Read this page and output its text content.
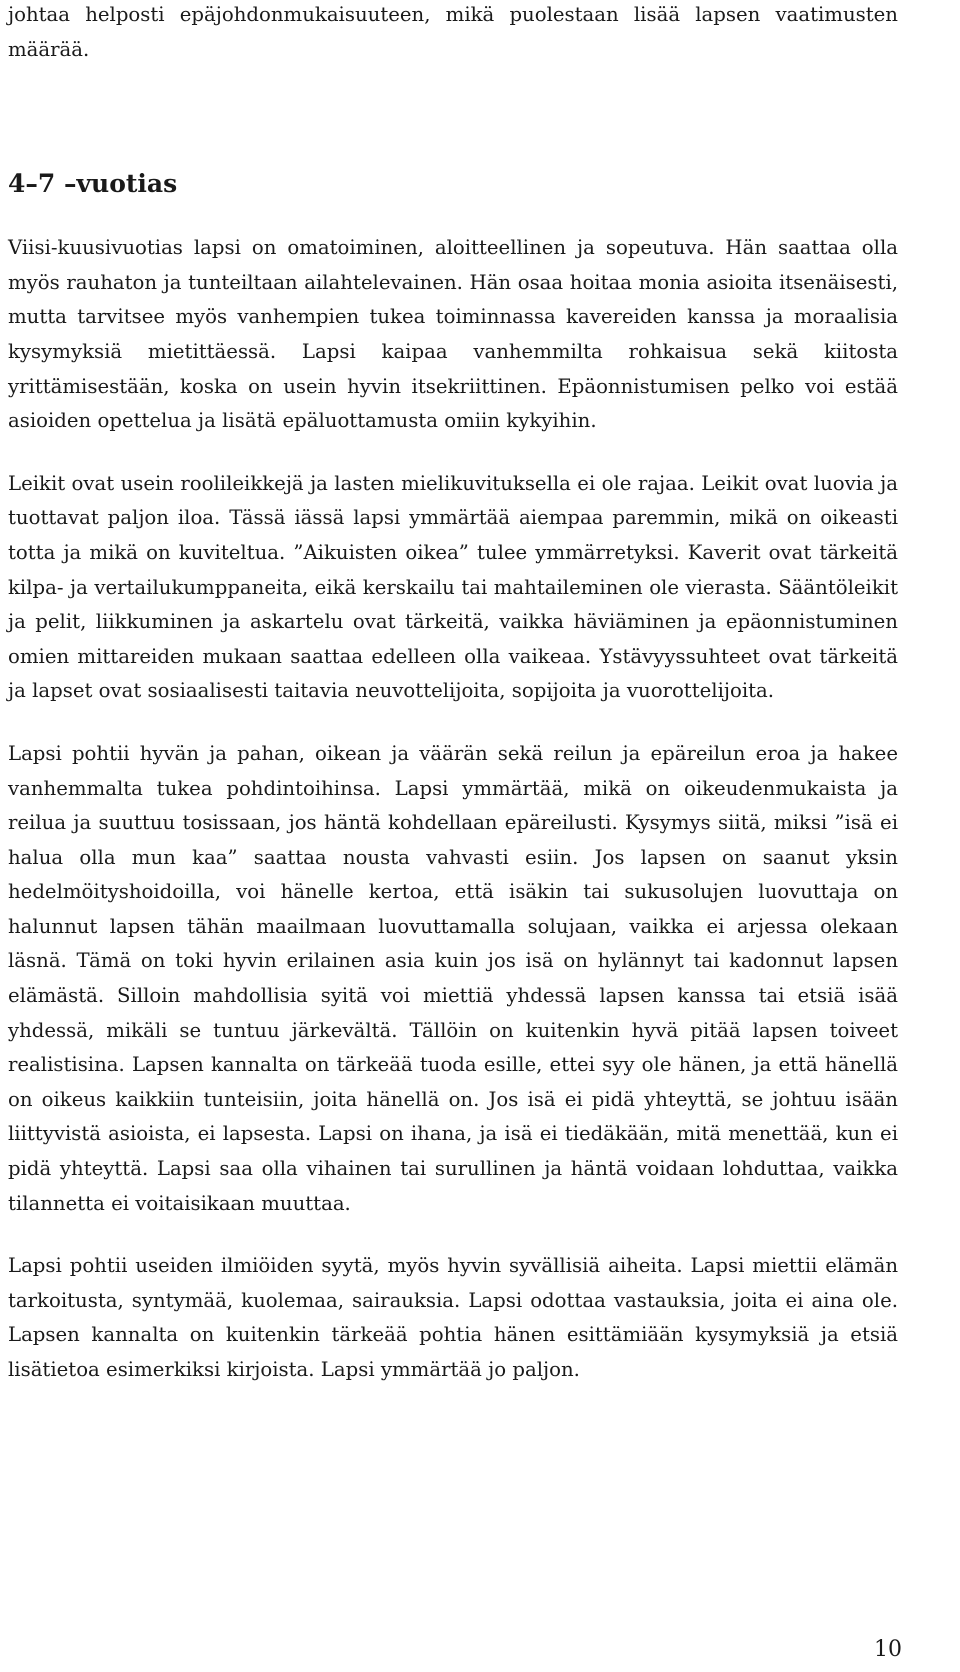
johtaa helposti epäjohdonmukaisuuteen, mikä puolestaan lisää lapsen vaatimusten määrää.

4–7 –vuotias

Viisi-kuusivuotias lapsi on omatoiminen, aloitteellinen ja sopeutuva. Hän saattaa olla myös rauhaton ja tunteiltaan ailahtelevainen. Hän osaa hoitaa monia asioita itsenäisesti, mutta tarvitsee myös vanhempien tukea toiminnassa kavereiden kanssa ja moraalisia kysymyksiä mietittäessä. Lapsi kaipaa vanhemmilta rohkaisua sekä kiitosta yrittämisestään, koska on usein hyvin itsekriittinen. Epäonnistumisen pelko voi estää asioiden opettelua ja lisätä epäluottamusta omiin kykyihin.

Leikit ovat usein roolileikkejä ja lasten mielikuvituksella ei ole rajaa. Leikit ovat luovia ja tuottavat paljon iloa. Tässä iässä lapsi ymmärtää aiempaa paremmin, mikä on oikeasti totta ja mikä on kuviteltua. ”Aikuisten oikea” tulee ymmärretyksi. Kaverit ovat tärkeitä kilpa- ja vertailukumppaneita, eikä kerskailu tai mahtaileminen ole vierasta. Sääntöleikit ja pelit, liikkuminen ja askartelu ovat tärkeitä, vaikka häviäminen ja epäonnistuminen omien mittareiden mukaan saattaa edelleen olla vaikeaa. Ystävyyssuhteet ovat tärkeitä ja lapset ovat sosiaalisesti taitavia neuvottelijoita, sopijoita ja vuorottelijoita.

Lapsi pohtii hyvän ja pahan, oikean ja väärän sekä reilun ja epäreilun eroa ja hakee vanhemmalta tukea pohdintoihinsa. Lapsi ymmärtää, mikä on oikeudenmukaista ja reilua ja suuttuu tosissaan, jos häntä kohdellaan epäreilusti. Kysymys siitä, miksi ”isä ei halua olla mun kaa” saattaa nousta vahvasti esiin. Jos lapsen on saanut yksin hedelmöityshoidoilla, voi hänelle kertoa, että isäkin tai sukusolujen luovuttaja on halunnut lapsen tähän maailmaan luovuttamalla solujaan, vaikka ei arjessa olekaan läsnä. Tämä on toki hyvin erilainen asia kuin jos isä on hylännyt tai kadonnut lapsen elämästä. Silloin mahdollisia syitä voi miettiä yhdessä lapsen kanssa tai etsiä isää yhdessä, mikäli se tuntuu järkevältä. Tällöin on kuitenkin hyvä pitää lapsen toiveet realistisina. Lapsen kannalta on tärkeää tuoda esille, ettei syy ole hänen, ja että hänellä on oikeus kaikkiin tunteisiin, joita hänellä on. Jos isä ei pidä yhteyttä, se johtuu isään liittyvistä asioista, ei lapsesta. Lapsi on ihana, ja isä ei tiedäkään, mitä menettää, kun ei pidä yhteyttä. Lapsi saa olla vihainen tai surullinen ja häntä voidaan lohduttaa, vaikka tilannetta ei voitaisikaan muuttaa.

Lapsi pohtii useiden ilmiöiden syytä, myös hyvin syvällisiä aiheita. Lapsi miettii elämän tarkoitusta, syntymää, kuolemaa, sairauksia. Lapsi odottaa vastauksia, joita ei aina ole. Lapsen kannalta on kuitenkin tärkeää pohtia hänen esittämiään kysymyksiä ja etsiä lisätietoa esimerkiksi kirjoista. Lapsi ymmärtää jo paljon.

10
